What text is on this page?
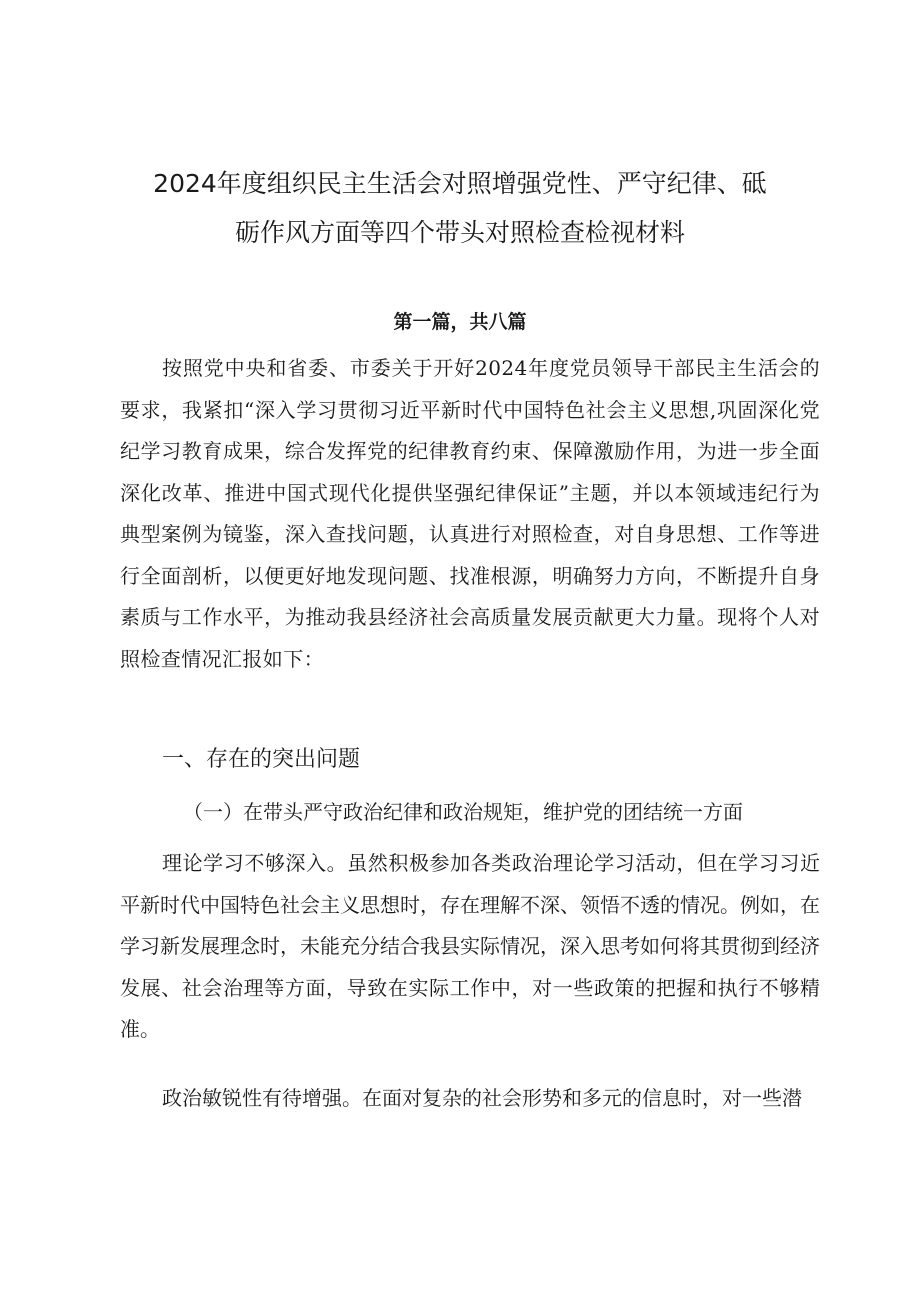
2024年度组织民主生活会对照增强党性、严守纪律、砥
砺作风方面等四个带头对照检查检视材料
第一篇，共八篇
按照党中央和省委、市委关于开好2024年度党员领导干部民主生活会的要求，我紧扣“深入学习贯彻习近平新时代中国特色社会主义思想,巩固深化党纪学习教育成果，综合发挥党的纪律教育约束、保障激励作用，为进一步全面深化改革、推进中国式现代化提供坚强纪律保证”主题，并以本领域违纪行为典型案例为镜鉴，深入查找问题，认真进行对照检查，对自身思想、工作等进行全面剖析，以便更好地发现问题、找准根源，明确努力方向，不断提升自身素质与工作水平，为推动我县经济社会高质量发展贡献更大力量。现将个人对照检查情况汇报如下：
一、存在的突出问题
（一）在带头严守政治纪律和政治规矩，维护党的团结统一方面
理论学习不够深入。虽然积极参加各类政治理论学习活动，但在学习习近平新时代中国特色社会主义思想时，存在理解不深、领悟不透的情况。例如，在学习新发展理念时，未能充分结合我县实际情况，深入思考如何将其贯彻到经济发展、社会治理等方面，导致在实际工作中，对一些政策的把握和执行不够精准。
政治敏锐性有待增强。在面对复杂的社会形势和多元的信息时，对一些潜
